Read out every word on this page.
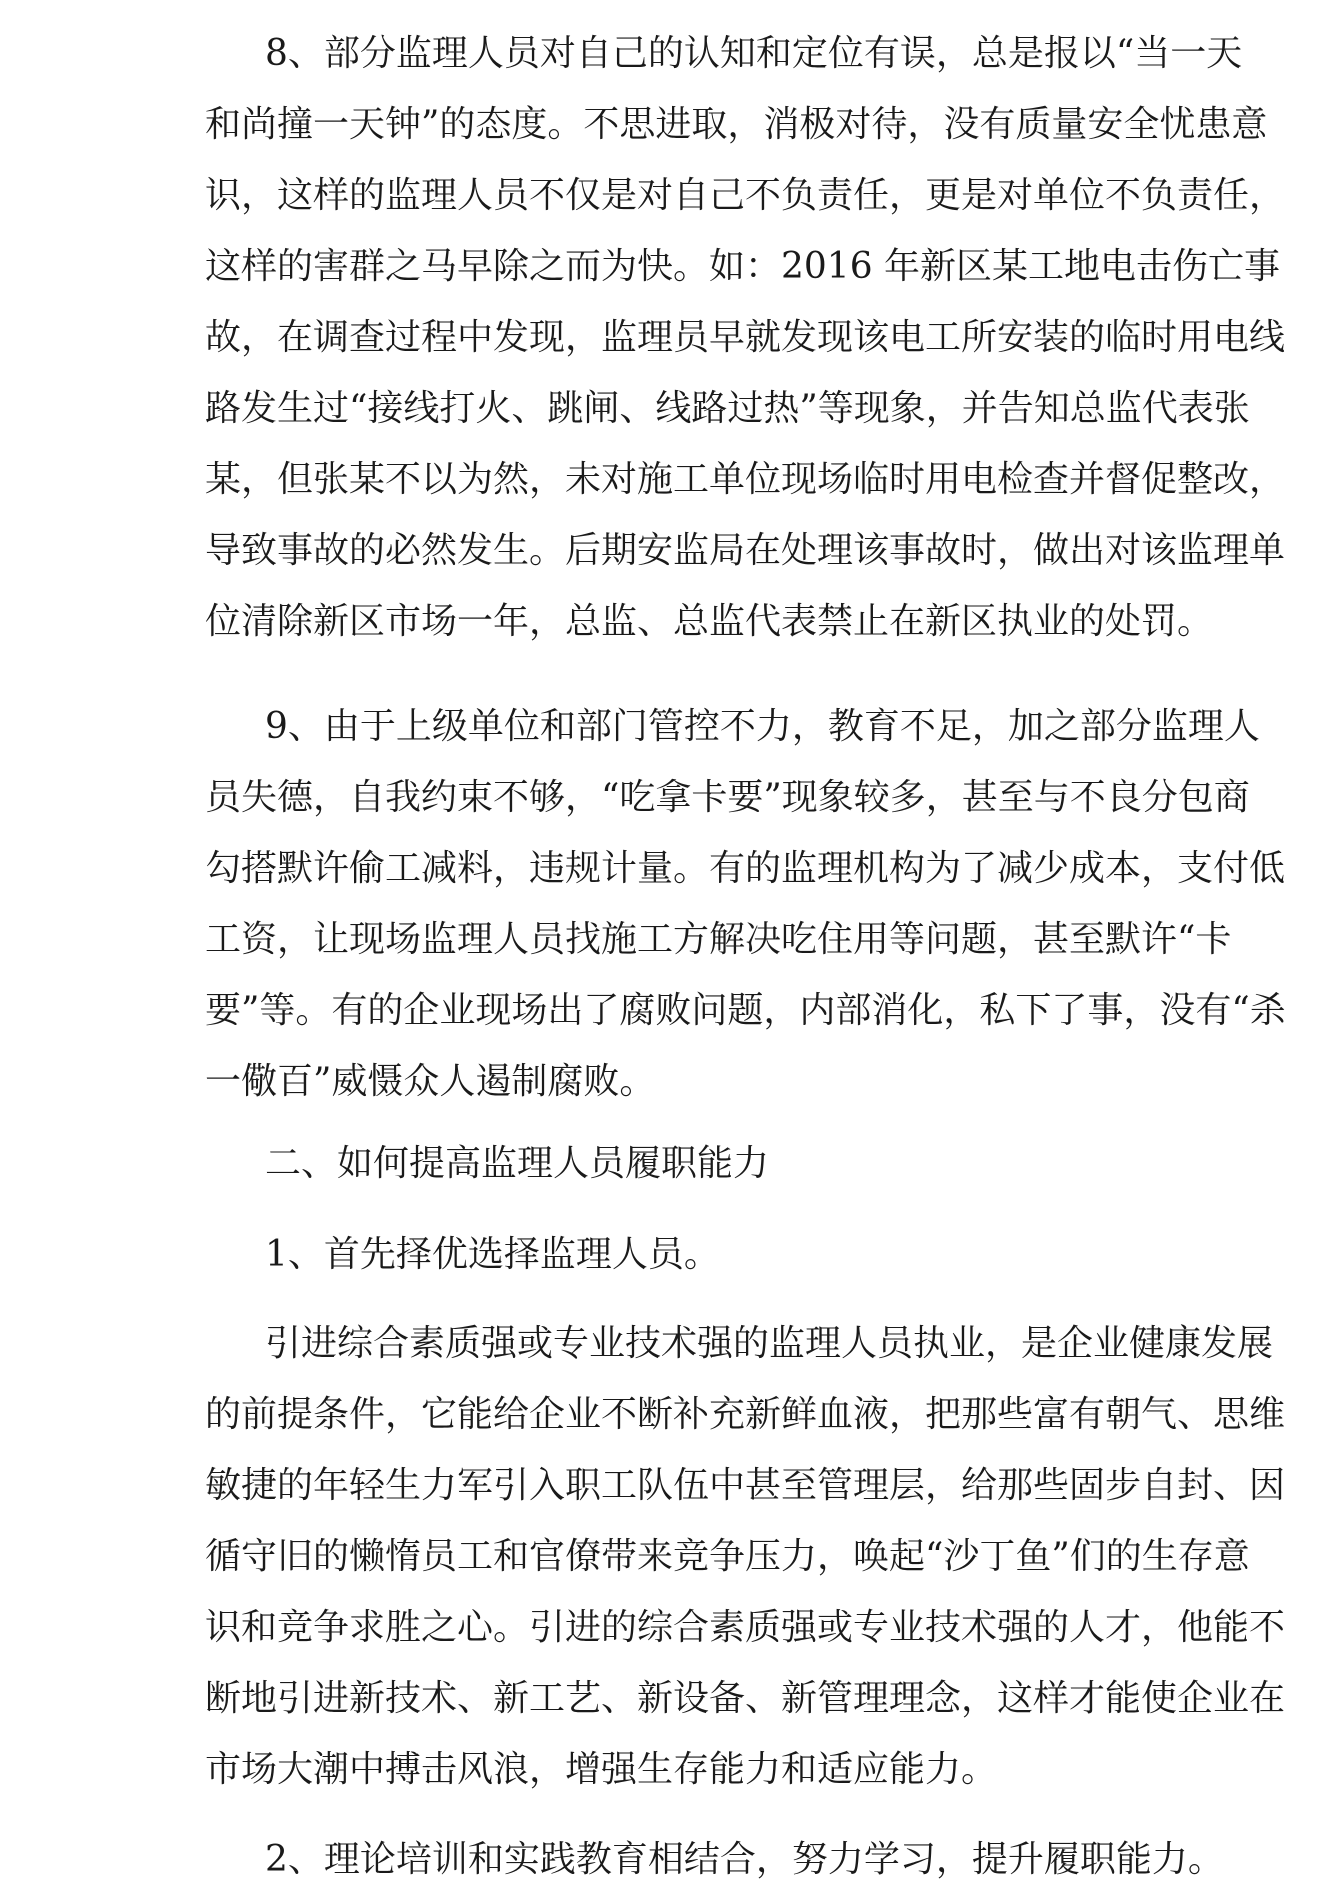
8、部分监理人员对自己的认知和定位有误，总是报以“当一天
和尚撞一天钟”的态度。不思进取，消极对待，没有质量安全忧患意
识，这样的监理人员不仅是对自己不负责任，更是对单位不负责任，
这样的害群之马早除之而为快。如：2016 年新区某工地电击伤亡事
故，在调查过程中发现，监理员早就发现该电工所安装的临时用电线
路发生过“接线打火、跳闸、线路过热”等现象，并告知总监代表张
某，但张某不以为然，未对施工单位现场临时用电检查并督促整改，
导致事故的必然发生。后期安监局在处理该事故时，做出对该监理单
位清除新区市场一年，总监、总监代表禁止在新区执业的处罚。
9、由于上级单位和部门管控不力，教育不足，加之部分监理人
员失德，自我约束不够，“吃拿卡要”现象较多，甚至与不良分包商
勾搭默许偷工减料，违规计量。有的监理机构为了减少成本，支付低
工资，让现场监理人员找施工方解决吃住用等问题，甚至默许“卡
要”等。有的企业现场出了腐败问题，内部消化，私下了事，没有“杀
一儆百”威慑众人遏制腐败。
二、如何提高监理人员履职能力
1、首先择优选择监理人员。
引进综合素质强或专业技术强的监理人员执业，是企业健康发展
的前提条件，它能给企业不断补充新鲜血液，把那些富有朝气、思维
敏捷的年轻生力军引入职工队伍中甚至管理层，给那些固步自封、因
循守旧的懒惰员工和官僚带来竞争压力，唤起“沙丁鱼”们的生存意
识和竞争求胜之心。引进的综合素质强或专业技术强的人才，他能不
断地引进新技术、新工艺、新设备、新管理理念，这样才能使企业在
市场大潮中搏击风浪，增强生存能力和适应能力。
2、理论培训和实践教育相结合，努力学习，提升履职能力。
